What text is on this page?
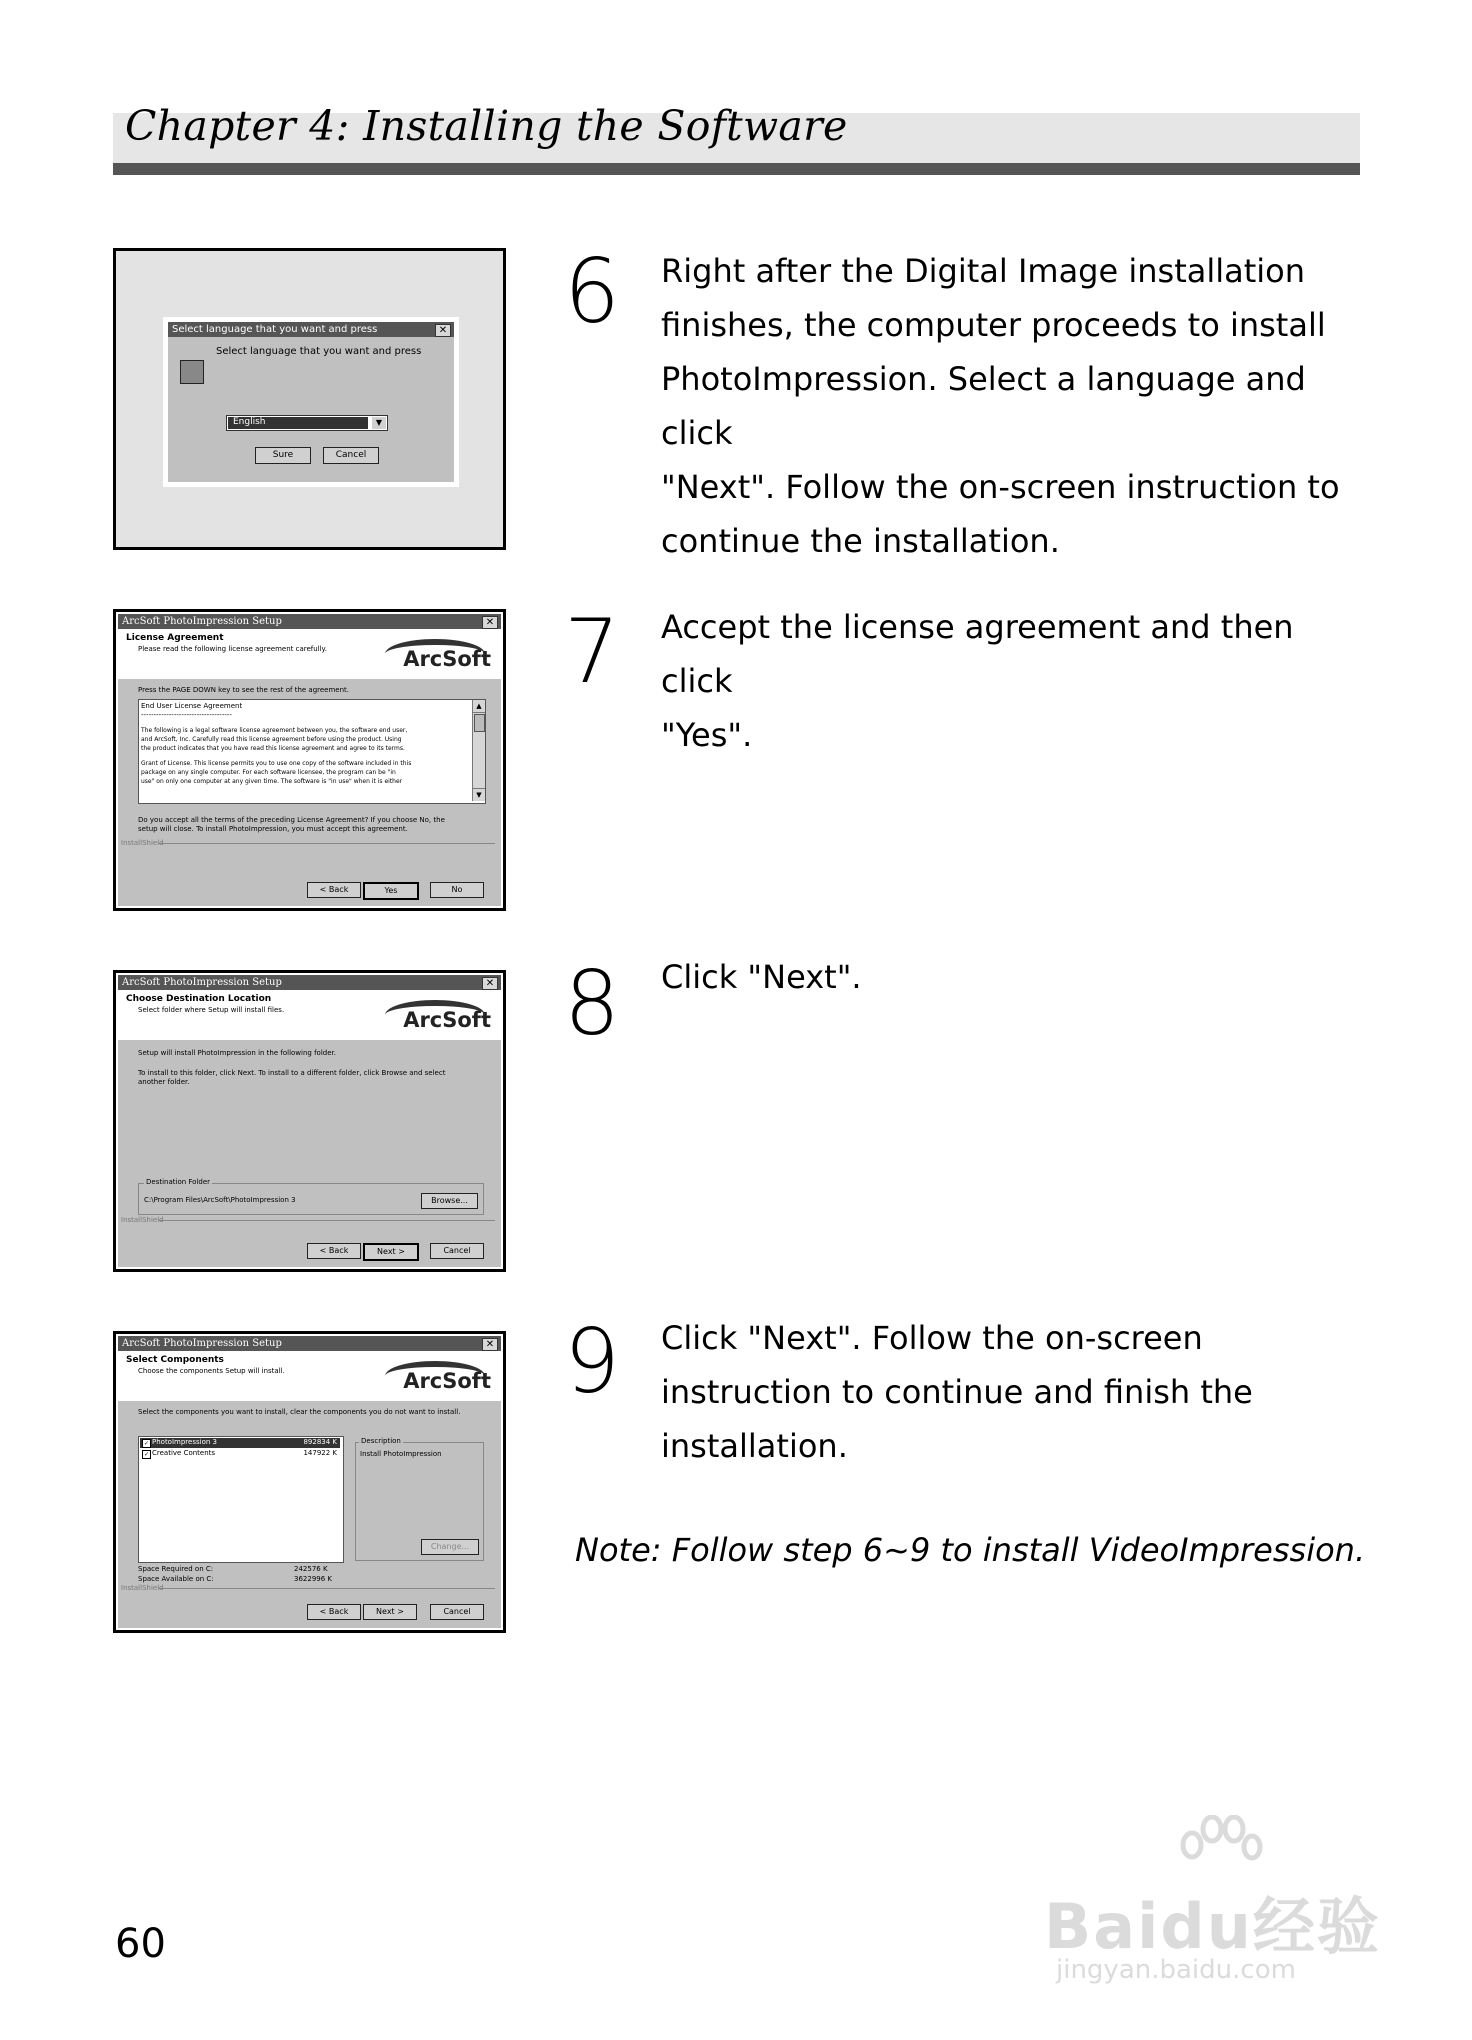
Chapter 4: Installing the Software
Select language that you want and press	✕
Select language that you want and press
English	▼
Sure	Cancel
6 Right after the Digital Image installation
finishes, the computer proceeds to install
PhotoImpression. Select a language and click
"Next". Follow the on-screen instruction to
continue the installation.
ArcSoft PhotoImpression Setup	✕
License Agreement
Please read the following license agreement carefully.	ArcSoft
Press the PAGE DOWN key to see the rest of the agreement.
End User License Agreement
------------------------------------
The following is a legal software license agreement between you, the software end user,
and ArcSoft, Inc. Carefully read this license agreement before using the product. Using
the product indicates that you have read this license agreement and agree to its terms.
Grant of License. This license permits you to use one copy of the software included in this
package on any single computer. For each software licensee, the program can be "in
use" on only one computer at any given time. The software is "in use" when it is either
▲
▼
Do you accept all the terms of the preceding License Agreement? If you choose No, the
setup will close. To install PhotoImpression, you must accept this agreement.
InstallShield
< Back	Yes	No
7 Accept the license agreement and then click
"Yes".
ArcSoft PhotoImpression Setup	✕
Choose Destination Location
Select folder where Setup will install files.	ArcSoft
Setup will install PhotoImpression in the following folder.
To install to this folder, click Next. To install to a different folder, click Browse and select
another folder.
Destination Folder
C:\Program Files\ArcSoft\PhotoImpression 3	Browse...
InstallShield
< Back	Next >	Cancel
8 Click "Next".
ArcSoft PhotoImpression Setup	✕
Select Components
Choose the components Setup will install.	ArcSoft
Select the components you want to install, clear the components you do not want to install.
✓ PhotoImpression 3	892834 K
✓ Creative Contents	147922 K
Description
Install PhotoImpression
Change...
Space Required on C:	242576 K
Space Available on C:	3622996 K
InstallShield
< Back	Next >	Cancel
9 Click "Next". Follow the on-screen
instruction to continue and finish the
installation.
Note: Follow step 6~9 to install VideoImpression.
60	Baidu经验
jingyan.baidu.com
